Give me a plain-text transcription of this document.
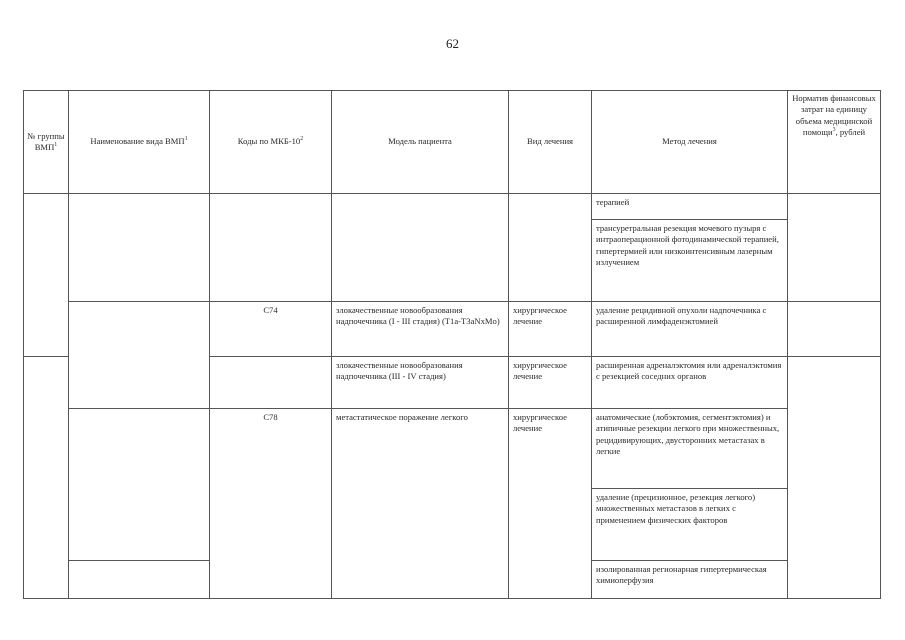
62
№ группы ВМП$^1$	Наименование вида ВМП$^1$	Коды по МКБ-$10^2$	Модель пациента	Вид лечения	Метод лечения	Норматив финансовых затрат на единицу объема медицинской помощи$^3$, рублей
					терапией	
					трансуретральная резекция мочевого пузыря с интраоперационной фотодинамической терапией, гипертермией или низкоинтенсивным лазерным излучением	
		C74	злокачественные новообразования надпочечника (I - III стадия) (T1a-T3aNxMo)	хирургическое лечение	удаление рецидивной опухоли надпочечника с расширенной лимфаденэктомией	
			злокачественные новообразования надпочечника (III - IV стадия)	хирургическое лечение	расширенная адреналэктомия или адреналэктомия с резекцией соседних органов	
		C78	метастатическое поражение легкого	хирургическое лечение	анатомические (лобэктомия, сегментэктомия) и атипичные резекции легкого при множественных, рецидивирующих, двусторонних метастазах в легкие	
					удаление (прецизионное, резекция легкого) множественных метастазов в легких с применением физических факторов	
					изолированная регионарная гипертермическая химиоперфузия	
